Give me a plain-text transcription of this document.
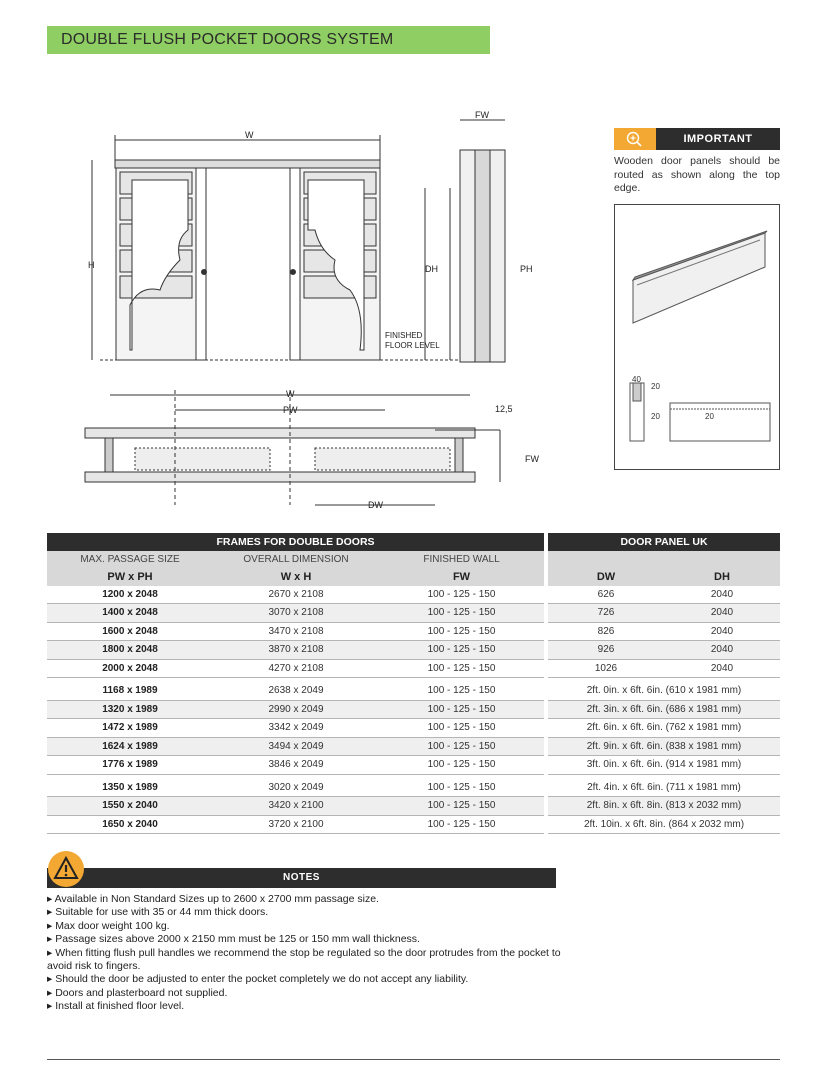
DOUBLE FLUSH POCKET DOORS SYSTEM
W
H
FW
DH	PH
FINISHED
FLOOR LEVEL
W
PW	12,5
FW
DW
IMPORTANT
Wooden door panels should be routed as shown along the top edge.
40
20
20	20
FRAMES FOR DOUBLE DOORS				DOOR PANEL UK	
MAX. PASSAGE SIZE	OVERALL DIMENSION	FINISHED WALL			
PW x PH	W x H	FW		DW	DH
1200 x 2048	2670 x 2108	100 - 125 - 150		626	2040
1400 x 2048	3070 x 2108	100 - 125 - 150		726	2040
1600 x 2048	3470 x 2108	100 - 125 - 150		826	2040
1800 x 2048	3870 x 2108	100 - 125 - 150		926	2040
2000 x 2048	4270 x 2108	100 - 125 - 150		1026	2040

1168 x 1989	2638 x 2049	100 - 125 - 150		2ft. 0in. x 6ft. 6in. (610 x 1981 mm)	
1320 x 1989	2990 x 2049	100 - 125 - 150		2ft. 3in. x 6ft. 6in. (686 x 1981 mm)	
1472 x 1989	3342 x 2049	100 - 125 - 150		2ft. 6in. x 6ft. 6in. (762 x 1981 mm)	
1624 x 1989	3494 x 2049	100 - 125 - 150		2ft. 9in. x 6ft. 6in. (838 x 1981 mm)	
1776 x 1989	3846 x 2049	100 - 125 - 150		3ft. 0in. x 6ft. 6in. (914 x 1981 mm)	

1350 x 1989	3020 x 2049	100 - 125 - 150		2ft. 4in. x 6ft. 6in. (711 x 1981 mm)	
1550 x 2040	3420 x 2100	100 - 125 - 150		2ft. 8in. x 6ft. 8in. (813 x 2032 mm)	
1650 x 2040	3720 x 2100	100 - 125 - 150		2ft. 10in. x 6ft. 8in. (864 x 2032 mm)	
NOTES
▸ Available in Non Standard Sizes up to 2600 x 2700 mm passage size.
▸ Suitable for use with 35 or 44 mm thick doors.
▸ Max door weight 100 kg.
▸ Passage sizes above 2000 x 2150 mm must be 125 or 150 mm wall thickness.
▸ When fitting flush pull handles we recommend the stop be regulated so the door protrudes from the pocket to avoid risk to fingers.
▸ Should the door be adjusted to enter the pocket completely we do not accept any liability.
▸ Doors and plasterboard not supplied.
▸ Install at finished floor level.
